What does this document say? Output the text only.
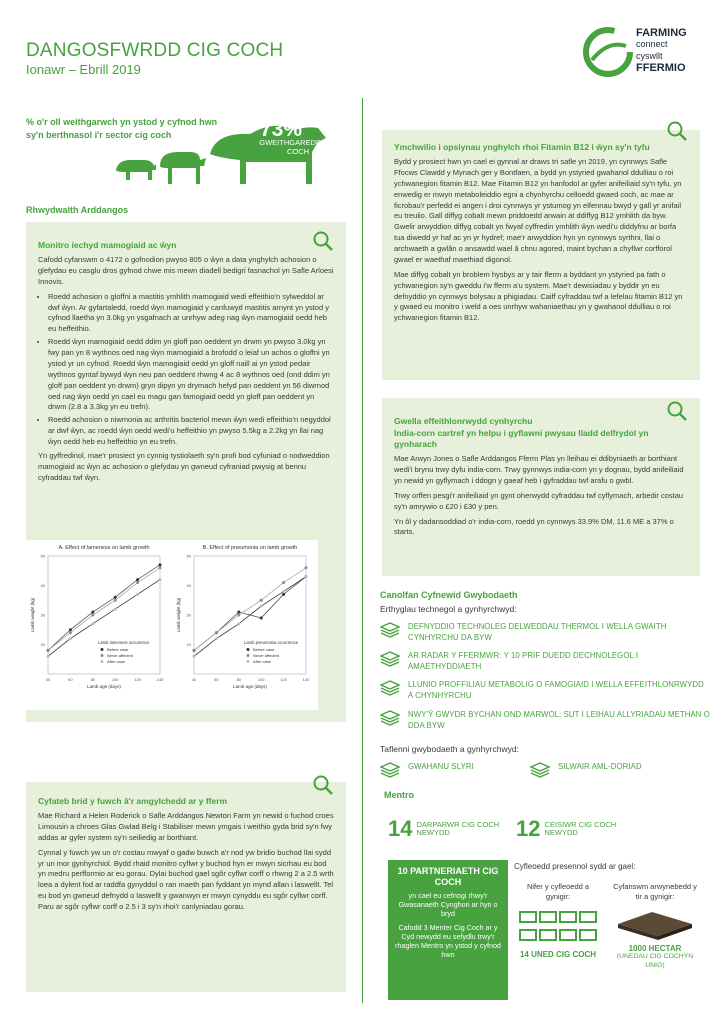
DANGOSFWRDD CIG COCH
Ionawr – Ebrill 2019
FARMING
connect
cyswllt
FFERMIO
% o'r oll weithgarwch yn ystod y cyfnod hwn sy'n berthnasol i'r sector cig coch	73%
GWEITHGAREDD CIG COCH
Rhwydwaith Arddangos
Monitro iechyd mamogiaid ac ŵyn

Cafodd cyfanswm o 4172 o gofnodion pwyso 805 o ŵyn a data ynghylch achosion o glefydau eu casglu dros gyfnod chwe mis mewn diadell bedigri fasnachol yn Safle Arloesi Innovis.

• Roedd achosion o gloffni a mastitis ymhlith mamogiaid wedi effeithio'n sylweddol ar dwf ŵyn. Ar gyfartaledd, roedd ŵyn mamogiaid y canfuwyd mastitis arnynt yn ystod y cyfnod llaetha yn 3.0kg yn ysgafnach ar unrhyw adeg nag ŵyn mamogiaid oedd heb eu heffeithio.
• Roedd ŵyn mamogiaid oedd ddim yn gloff pan oeddent yn drwm yn pwyso 3.0kg yn fwy pan yn 8 wythnos oed nag ŵyn mamogiaid a brofodd o leiaf un achos o gloffni yn ystod yr un cyfnod. Roedd ŵyn mamogiaid oedd yn gloff naill ai yn ystod pedair wythnos gyntaf bywyd ŵyn neu pan oeddent rhwng 4 ac 8 wythnos oed (ond ddim yn gloff pan oeddent yn drwm) gryn dipyn yn drymach hefyd pan oeddent yn 56 diwrnod oed nag ŵyn oedd yn cael eu magu gan famogiaid oedd yn gloff pan oeddent yn drwm (2.8 a 3.3kg yn eu trefn).
• Roedd achosion o niwmonia ac arthritis bacteriol mewn ŵyn wedi effeithio'n negyddol ar dwf ŵyn, ac roedd ŵyn oedd wedi'u heffeithio yn pwyso 5.5kg a 2.2kg yn llai nag ŵyn oedd heb eu heffeithio yn eu trefn.

Yn gyffredinol, mae'r prosiect yn cynnig tystiolaeth sy'n profi bod cyfuniad o nodweddion mamogiaid ac ŵyn ac achosion o glefydau yn gwneud cyfraniad pwysig at bennu cyfraddau twf ŵyn.

A. Effect of lameness on lamb growth
40	60	80	100	120	140
20
30
40
50
Lamb age (days)
Lamb weight (kg)
Lamb lameness occurrence
Before case
Never affected
After case
B. Effect of pneumonia on lamb growth
40	60	80	100	120	140
20
30
40
50
Lamb age (days)
Lamb weight (kg)
Lamb pneumonia occurrence
Before case
Never affected
After case
Cyfateb brid y fuwch â'r amgylchedd ar y fferm

Mae Richard a Helen Roderick o Safle Arddangos Newton Farm yn newid o fuchod croes Limousin a chroes Glas Gwlad Belg i Stabiliser mewn ymgais i weithio gyda brid sy'n fwy addas ar gyfer system sy'n seiliedig ar borthiant.

Cynnal y fuwch yw un o'r costau mwyaf o gadw buwch a'r nod yw bridio buchod llai sydd yr un mor gynhyrchiol. Bydd rhaid monitro cyflwr y buchod hyn er mwyn sicrhau eu bod yn medru perfformio ar eu gorau. Dylai buchod gael sgôr cyflwr corff o rhwng 2 a 2.5 wrth loea a dylent fod ar raddfa gynyddol o ran maeth pan fyddant yn mynd allan i laswellt. Tel eu bod yn gwneud defnydd o laswellt y gwanwyn er mwyn cynyddu eu sgôr cyflwr corff. Paru ar sgôr cyflwr corff o 2.5 i 3 sy'n rhoi'r canlyniadau gorau.

Ymchwilio i opsiynau ynghylch rhoi Fitamin B12 i ŵyn sy'n tyfu

Bydd y prosiect hwn yn cael ei gynnal ar draws tri safle yn 2019, yn cynnwys Safle Ffocws Clawdd y Mynach ger y Bontfaen, a bydd yn ystyried gwahanol ddulliau o roi ychwanegion fitamin B12. Mae Fitamin B12 yn hanfodol ar gyfer anifeiliaid sy'n tyfu, yn enwedig er mwyn metaboleiddio egni a chynhyrchu celloedd gwaed coch, ac mae ar ficrobau'r perfedd ei angen i droi cynnwys yr ystumog yn elfennau bwyd y gall yr anifail eu treulio. Gall diffyg cobalt mewn priddoedd arwain at ddiffyg B12 ymhlith da byw. Gwelir arwyddion diffyg cobalt yn fwyaf cyffredin ymhlith ŵyn wedi'u diddyfnu ar borfa tua diwedd yr haf ac yn yr hydref; mae'r arwyddion hyn yn cynnwys syrthni, llai o archwaeth a gwlân o ansawdd wael â chnu agored, maint bychan a chyflwr corfforol gwael er waethaf maethiad digonol.

Mae diffyg cobalt yn broblem hysbys ar y tair fferm a byddant yn ystyried pa fath o ychwanegion sy'n gweddu i'w fferm a'u system. Mae'r dewisiadau y byddir yn eu defnyddio yn cynnwys bolysau a phigiadau. Caiff cyfraddau twf a lefelau fitamin B12 yn y gwaed eu monitro i weld a oes unrhyw wahaniaethau yn y gwahanol ddulliau o roi ychwanegion fitamin B12.

Gwella effeithlonrwydd cynhyrchu
India-corn cartref yn helpu i gyflawni pwysau lladd delfrydol yn gynharach

Mae Arwyn Jones o Safle Arddangos Fferm Plas yn lleihau ei ddibyniaeth ar borthiant wedi'i brynu trwy dyfu india-corn. Trwy gynnwys india-corn yn y dognau, bydd anifeiliaid yn newid yn gyflymach i ddogn y gaeaf heb i gyfraddau twf arafu o gwbl.

Trwy orffen pesgi'r anifeiliaid yn gynt oherwydd cyfraddau twf cyflymach, arbedir costau sy'n amrywio o £20 i £30 y pen.

Yn ôl y dadansoddiad o'r india-corn, roedd yn cynnwys 33.9% DM, 11.6 ME a 37% o starts.

Canolfan Cyfnewid Gwybodaeth
Erthyglau technegol a gynhyrchwyd:
DEFNYDDIO TECHNOLEG DELWEDDAU THERMOL I WELLA GWAITH CYNHYRCHU DA BYW
AR RADAR Y FFERMWR: Y 10 PRIF DUEDD DECHNOLEGOL I AMAETHYDDIAETH
LLUNIO PROFFILIAU METABOLIG O FAMOGIAID I WELLA EFFEITHLONRWYDD A CHYNHYRCHU
NWY'Ŷ GWYDR BYCHAN OND MARWOL: SUT I LEIHAU ALLYRIADAU METHAN O DDA BYW
Taflenni gwybodaeth a gynhyrchwyd:
GWAHANU SLYRI	SILWAIR AML-DORIAD
Mentro
14 DARPARWR CIG COCH NEWYDD	12 CEISIWR CIG COCH NEWYDD
10 PARTNERIAETH CIG COCH
yn cael eu cefnogi rhwy'r Gwasanaeth Cynghori ar hyn o bryd
Cafodd 3 Menter Cig Coch ar y Cyd newydd eu sefydlu trwy'r rhaglen Mentro yn ystod y cyfnod hwn
Cyfleoedd presennol sydd ar gael:
Nifer y cyfleoedd a gynigir:
14 UNED CIG COCH
Cyfanswm arwynebedd y tir a gynigir:
1000 HECTAR
(UNEDAU CIG COCHYN UNIG)
